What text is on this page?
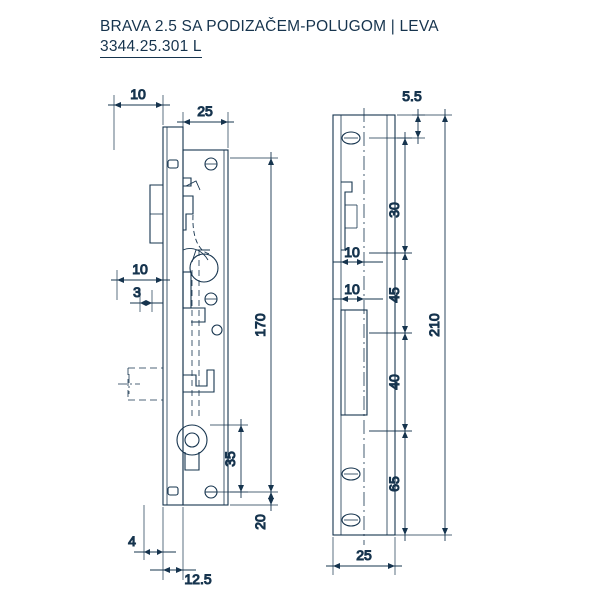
BRAVA 2.5 SA PODIZAČEM-POLUGOM | LEVA
3344.25.301 L
10
25
10
3
170
35
20
4
12.5
5.5
30
10
45
10
40
65
210
25
